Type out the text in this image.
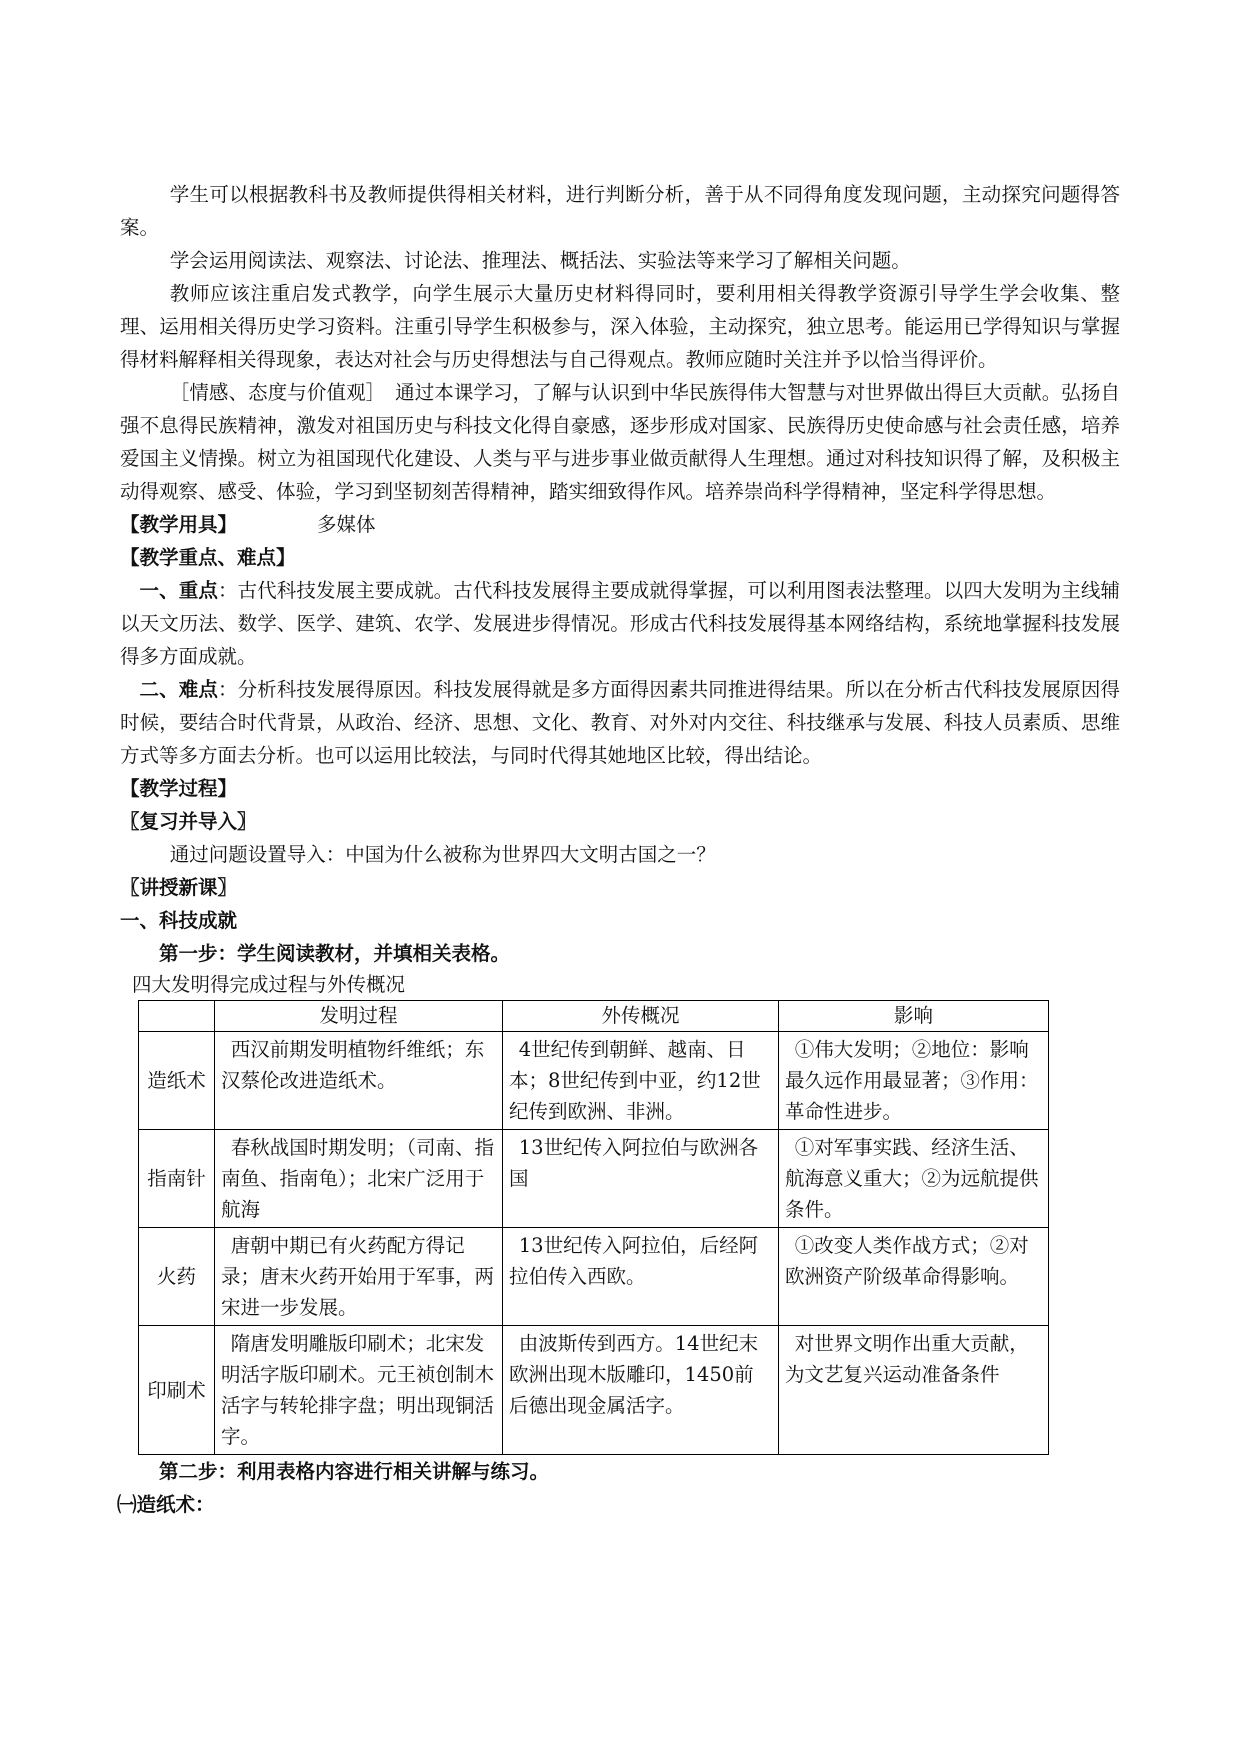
学生可以根据教科书及教师提供得相关材料，进行判断分析，善于从不同得角度发现问题，主动探究问题得答案。

学会运用阅读法、观察法、讨论法、推理法、概括法、实验法等来学习了解相关问题。

教师应该注重启发式教学，向学生展示大量历史材料得同时，要利用相关得教学资源引导学生学会收集、整理、运用相关得历史学习资料。注重引导学生积极参与，深入体验，主动探究，独立思考。能运用已学得知识与掌握得材料解释相关得现象，表达对社会与历史得想法与自己得观点。教师应随时关注并予以恰当得评价。

［情感、态度与价值观］　通过本课学习，了解与认识到中华民族得伟大智慧与对世界做出得巨大贡献。弘扬自强不息得民族精神，激发对祖国历史与科技文化得自豪感，逐步形成对国家、民族得历史使命感与社会责任感，培养爱国主义情操。树立为祖国现代化建设、人类与平与进步事业做贡献得人生理想。通过对科技知识得了解，及积极主动得观察、感受、体验，学习到坚韧刻苦得精神，踏实细致得作风。培养崇尚科学得精神，坚定科学得思想。

【教学用具】	多媒体

【教学重点、难点】

一、重点：古代科技发展主要成就。古代科技发展得主要成就得掌握，可以利用图表法整理。以四大发明为主线辅以天文历法、数学、医学、建筑、农学、发展进步得情况。形成古代科技发展得基本网络结构，系统地掌握科技发展得多方面成就。

二、难点：分析科技发展得原因。科技发展得就是多方面得因素共同推进得结果。所以在分析古代科技发展原因得时候，要结合时代背景，从政治、经济、思想、文化、教育、对外对内交往、科技继承与发展、科技人员素质、思维方式等多方面去分析。也可以运用比较法，与同时代得其她地区比较，得出结论。

【教学过程】

〖复习并导入〗

通过问题设置导入：中国为什么被称为世界四大文明古国之一？

〖讲授新课〗

一、科技成就

第一步：学生阅读教材，并填相关表格。

四大发明得完成过程与外传概况

	发明过程	外传概况	影响
造纸术	西汉前期发明植物纤维纸；东汉蔡伦改进造纸术。	4世纪传到朝鲜、越南、日本；8世纪传到中亚，约12世纪传到欧洲、非洲。	①伟大发明；②地位：影响最久远作用最显著；③作用：革命性进步。
指南针	春秋战国时期发明；（司南、指南鱼、指南龟）；北宋广泛用于航海	13世纪传入阿拉伯与欧洲各国	①对军事实践、经济生活、航海意义重大；②为远航提供条件。
火药	唐朝中期已有火药配方得记录；唐末火药开始用于军事，两宋进一步发展。	13世纪传入阿拉伯，后经阿拉伯传入西欧。	①改变人类作战方式；②对欧洲资产阶级革命得影响。
印刷术	隋唐发明雕版印刷术；北宋发明活字版印刷术。元王祯创制木活字与转轮排字盘；明出现铜活字。	由波斯传到西方。14世纪末欧洲出现木版雕印，1450前后德出现金属活字。	对世界文明作出重大贡献，为文艺复兴运动准备条件

第二步：利用表格内容进行相关讲解与练习。

㈠造纸术：
